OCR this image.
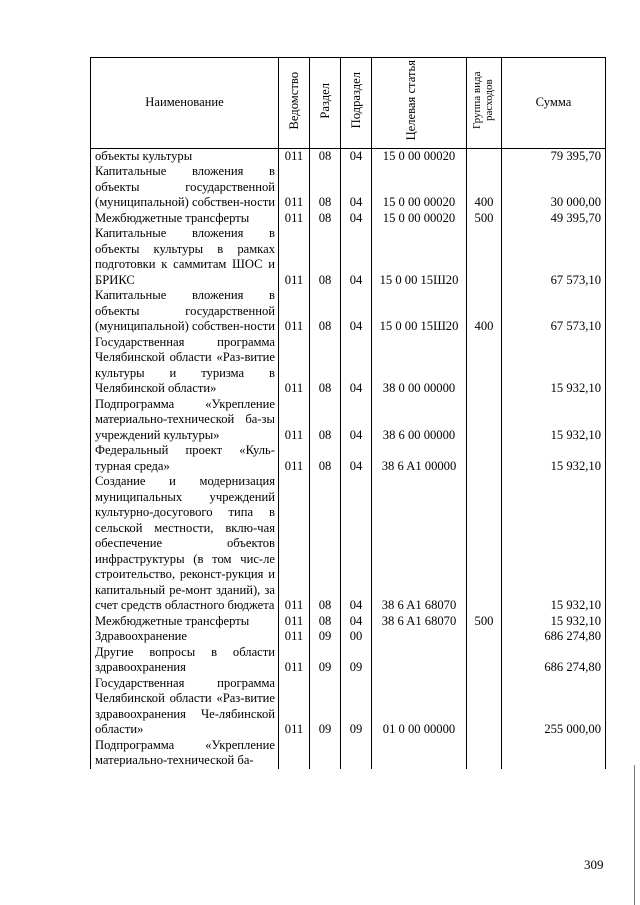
Наименование	Ведомство	Раздел	Подраздел	Целевая статья	Группа вида расходов	Сумма
объекты культуры	011	08	04	15 0 00 00020		79 395,70
Капитальные вложения в объекты государственной (муниципальной) собствен-ности	011	08	04	15 0 00 00020	400	30 000,00
Межбюджетные трансферты	011	08	04	15 0 00 00020	500	49 395,70
Капитальные вложения в объекты культуры в рамках подготовки к саммитам ШОС и БРИКС	011	08	04	15 0 00 15Ш20		67 573,10
Капитальные вложения в объекты государственной (муниципальной) собствен-ности	011	08	04	15 0 00 15Ш20	400	67 573,10
Государственная программа Челябинской области «Раз-витие культуры и туризма в Челябинской области»	011	08	04	38 0 00 00000		15 932,10
Подпрограмма «Укрепление материально-технической ба-зы учреждений культуры»	011	08	04	38 6 00 00000		15 932,10
Федеральный проект «Куль-турная среда»	011	08	04	38 6 A1 00000		15 932,10
Создание и модернизация муниципальных учреждений культурно-досугового типа в сельской местности, вклю-чая обеспечение объектов инфраструктуры (в том чис-ле строительство, реконст-рукция и капитальный ре-монт зданий), за счет средств областного бюджета	011	08	04	38 6 A1 68070		15 932,10
Межбюджетные трансферты	011	08	04	38 6 A1 68070	500	15 932,10
Здравоохранение	011	09	00			686 274,80
Другие вопросы в области здравоохранения	011	09	09			686 274,80
Государственная программа Челябинской области «Раз-витие здравоохранения Че-лябинской области»	011	09	09	01 0 00 00000		255 000,00
Подпрограмма «Укрепление материально-технической ба-						
309
